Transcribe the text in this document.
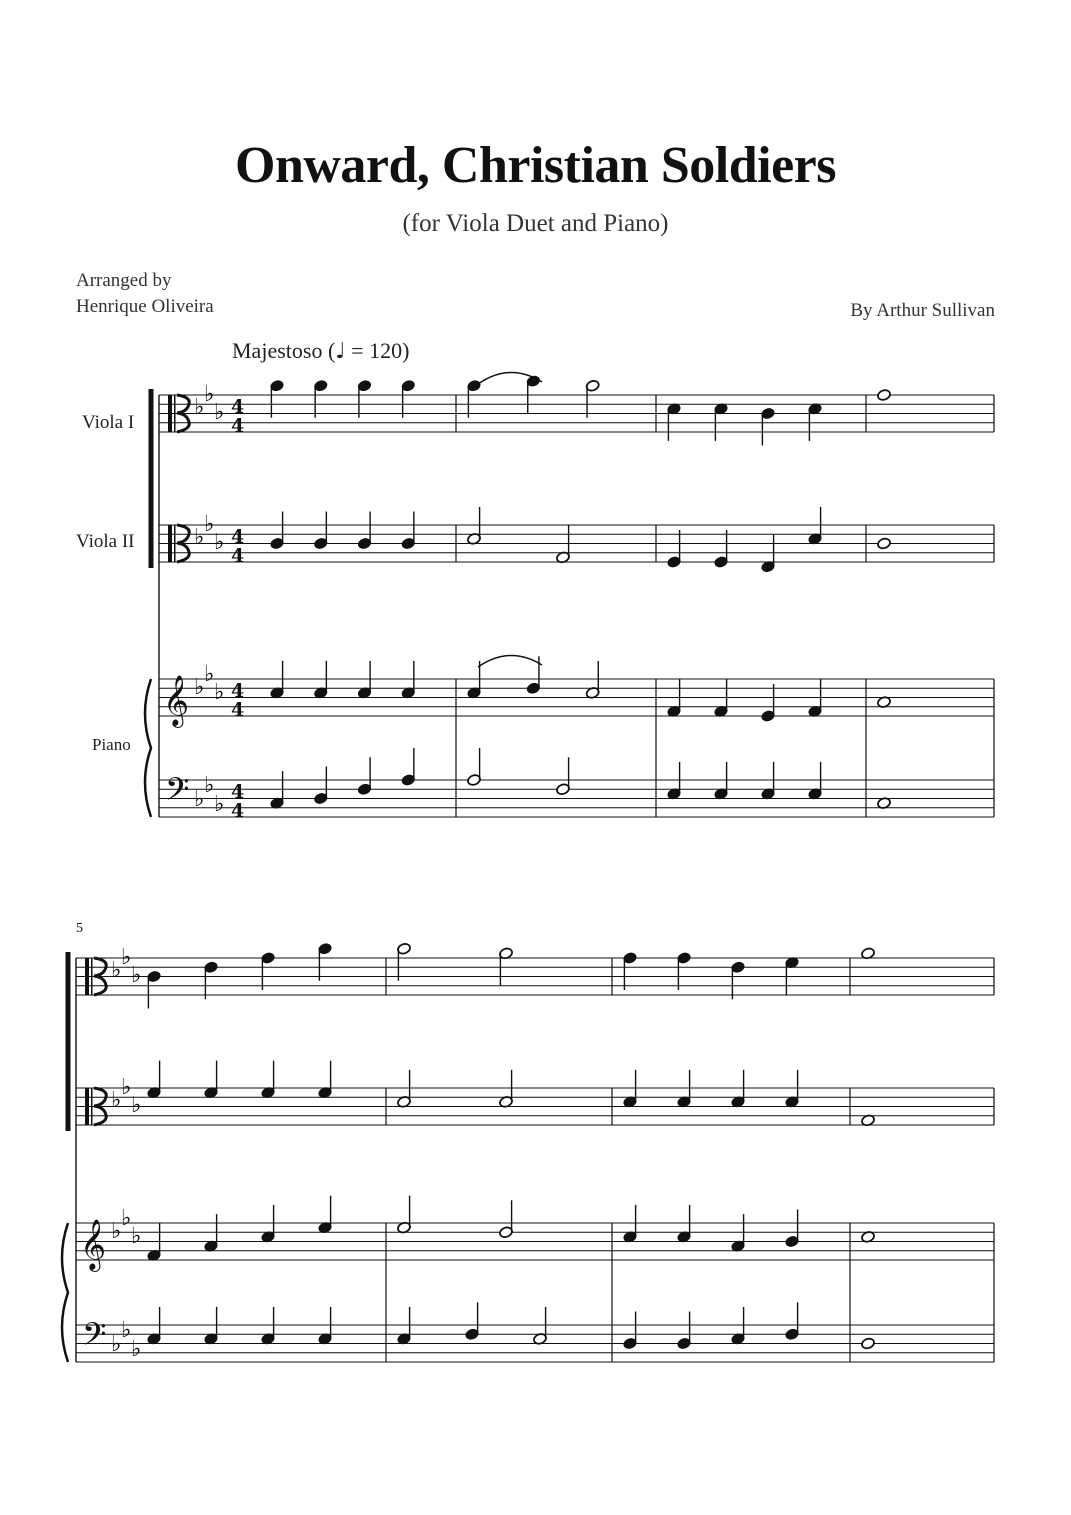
Onward, Christian Soldiers
(for Viola Duet and Piano)
Arranged by
Henrique Oliveira	By Arthur Sullivan
Majestoso (♩ = 120)
Viola I
Viola II
Piano
5
𝄞
𝄢
♭
♭
♭
♭
♭
♭
♭
♭
♭
♭
♭
♭
4
4
4
4
4
4
4
4
𝄞
𝄢
♭
♭
♭
♭
♭
♭
♭
♭
♭
♭
♭
♭
